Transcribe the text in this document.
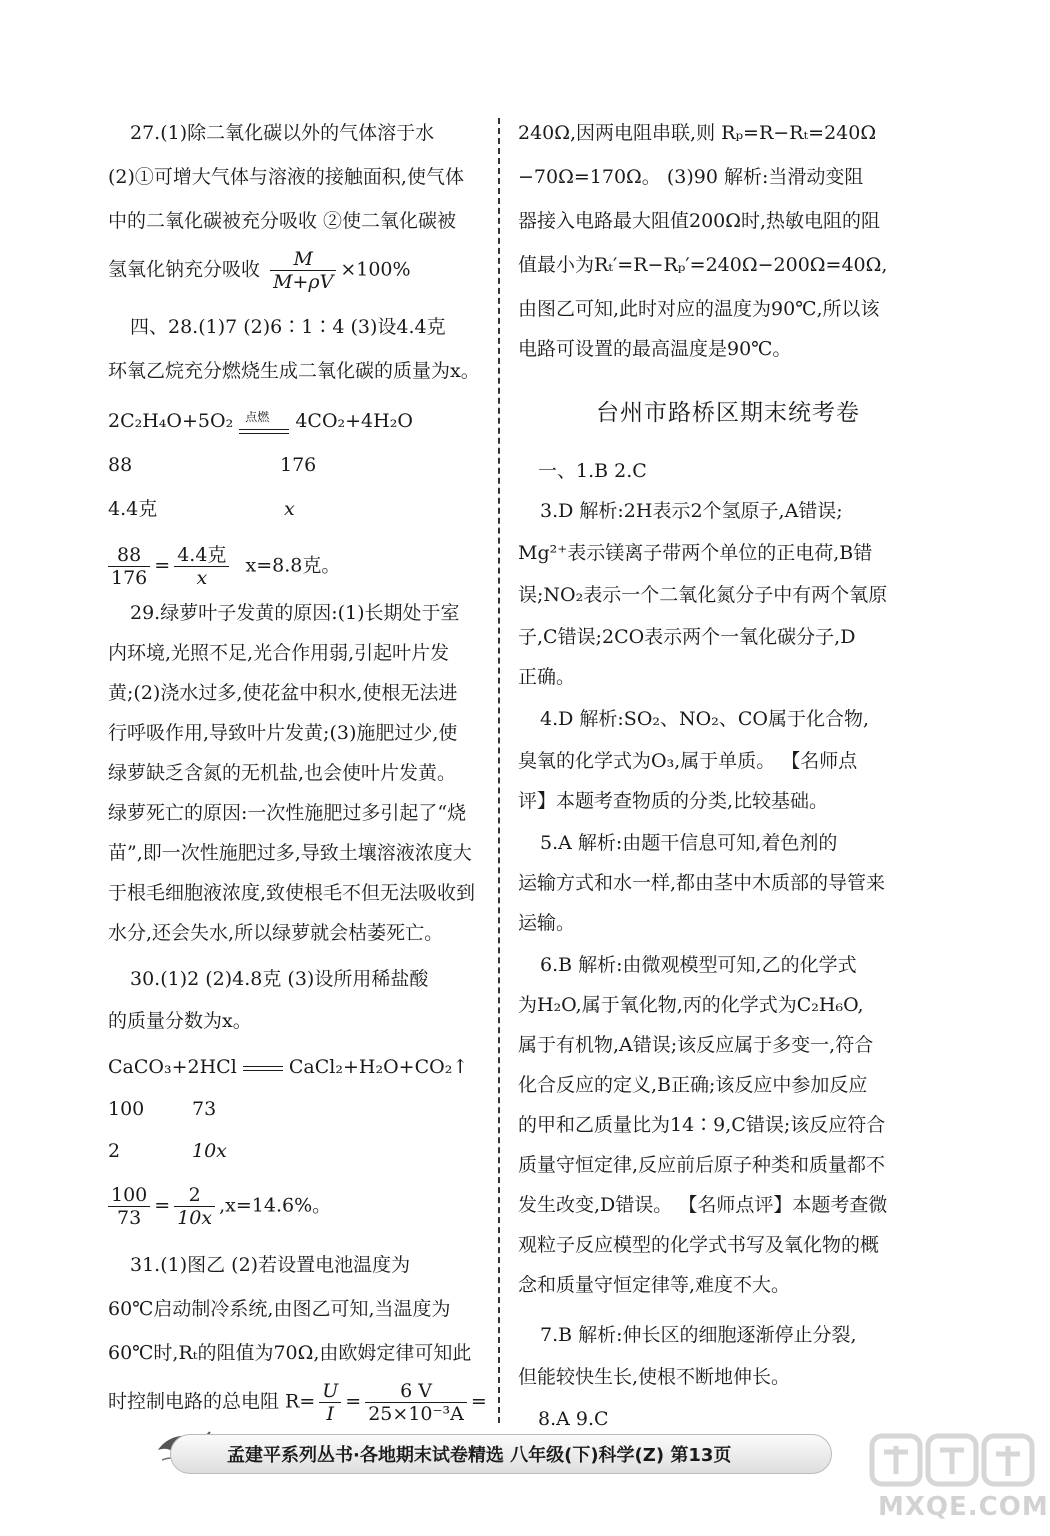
27.(1)除二氧化碳以外的气体溶于水
(2)①可增大气体与溶液的接触面积,使气体
中的二氧化碳被充分吸收 ②使二氧化碳被
氢氧化钠充分吸收 $\frac{M}{M+\rho V} \times 100\%$
四、28.(1)7 (2)6∶1∶4 (3)设4.4克
环氧乙烷充分燃烧生成二氧化碳的质量为x。
2C₂H₄O+5O₂ 点燃 4CO₂+4H₂O
88	176
4.4克	x
$\frac{88}{176} = \frac{\text{4.4克}}{x} x=8.8$克。
29.绿萝叶子发黄的原因:(1)长期处于室
内环境,光照不足,光合作用弱,引起叶片发
黄;(2)浇水过多,使花盆中积水,使根无法进
行呼吸作用,导致叶片发黄;(3)施肥过少,使
绿萝缺乏含氮的无机盐,也会使叶片发黄。
绿萝死亡的原因:一次性施肥过多引起了“烧
苗”,即一次性施肥过多,导致土壤溶液浓度大
于根毛细胞液浓度,致使根毛不但无法吸收到
水分,还会失水,所以绿萝就会枯萎死亡。
30.(1)2 (2)4.8克 (3)设所用稀盐酸
的质量分数为x。
CaCO₃+2HCl	CaCl₂+H₂O+CO₂↑
100	73
2	10x
$\frac{100}{73} = \frac{2}{10x} ,x=14.6\%$。
31.(1)图乙 (2)若设置电池温度为
60℃启动制冷系统,由图乙可知,当温度为
60℃时,Rₜ的阻值为70Ω,由欧姆定律可知此
时控制电路的总电阻 $R= \frac{U}{I} = \frac{6 V}{\text{25×10⁻³A}}$ =
240Ω,因两电阻串联,则 Rₚ=R−Rₜ=240Ω
−70Ω=170Ω。 (3)90 解析:当滑动变阻
器接入电路最大阻值200Ω时,热敏电阻的阻
值最小为Rₜ′=R−Rₚ′=240Ω−200Ω=40Ω,
由图乙可知,此时对应的温度为90℃,所以该
电路可设置的最高温度是90℃。
台州市路桥区期末统考卷
一、1.B 2.C
3.D 解析:2H表示2个氢原子,A错误;
Mg²⁺表示镁离子带两个单位的正电荷,B错
误;NO₂表示一个二氧化氮分子中有两个氧原
子,C错误;2CO表示两个一氧化碳分子,D
正确。
4.D 解析:SO₂、NO₂、CO属于化合物,
臭氧的化学式为O₃,属于单质。 【名师点
评】本题考查物质的分类,比较基础。
5.A 解析:由题干信息可知,着色剂的
运输方式和水一样,都由茎中木质部的导管来
运输。
6.B 解析:由微观模型可知,乙的化学式
为H₂O,属于氧化物,丙的化学式为C₂H₆O,
属于有机物,A错误;该反应属于多变一,符合
化合反应的定义,B正确;该反应中参加反应
的甲和乙质量比为14∶9,C错误;该反应符合
质量守恒定律,反应前后原子种类和质量都不
发生改变,D错误。 【名师点评】本题考查微
观粒子反应模型的化学式书写及氧化物的概
念和质量守恒定律等,难度不大。
7.B 解析:伸长区的细胞逐渐停止分裂,
但能较快生长,使根不断地伸长。
8.A 9.C
孟建平系列丛书·各地期末试卷精选 八年级(下)科学(Z) 第13页
MXQE.COM
